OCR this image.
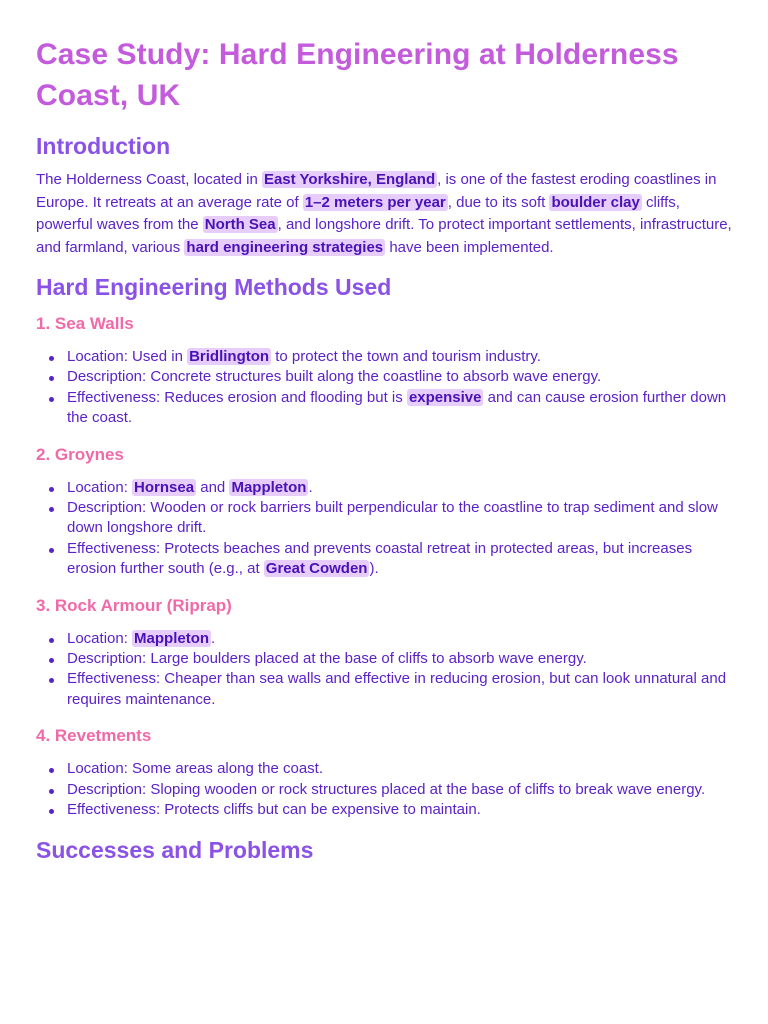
Case Study: Hard Engineering at Holderness Coast, UK
Introduction

The Holderness Coast, located in East Yorkshire, England , is one of the fastest eroding coastlines in Europe. It retreats at an average rate of 1–2 meters per year , due to its soft boulder clay cliffs, powerful waves from the North Sea , and longshore drift. To protect important settlements, infrastructure, and farmland, various hard engineering strategies have been implemented.

Hard Engineering Methods Used
1. Sea Walls
Location: Used in Bridlington to protect the town and tourism industry.
Description: Concrete structures built along the coastline to absorb wave energy.
Effectiveness: Reduces erosion and flooding but is expensive and can cause erosion further down the coast.
2. Groynes
Location: Hornsea and Mappleton .
Description: Wooden or rock barriers built perpendicular to the coastline to trap sediment and slow down longshore drift.
Effectiveness: Protects beaches and prevents coastal retreat in protected areas, but increases erosion further south (e.g., at Great Cowden ).
3. Rock Armour (Riprap)
Location: Mappleton .
Description: Large boulders placed at the base of cliffs to absorb wave energy.
Effectiveness: Cheaper than sea walls and effective in reducing erosion, but can look unnatural and requires maintenance.
4. Revetments
Location: Some areas along the coast.
Description: Sloping wooden or rock structures placed at the base of cliffs to break wave energy.
Effectiveness: Protects cliffs but can be expensive to maintain.
Successes and Problems
